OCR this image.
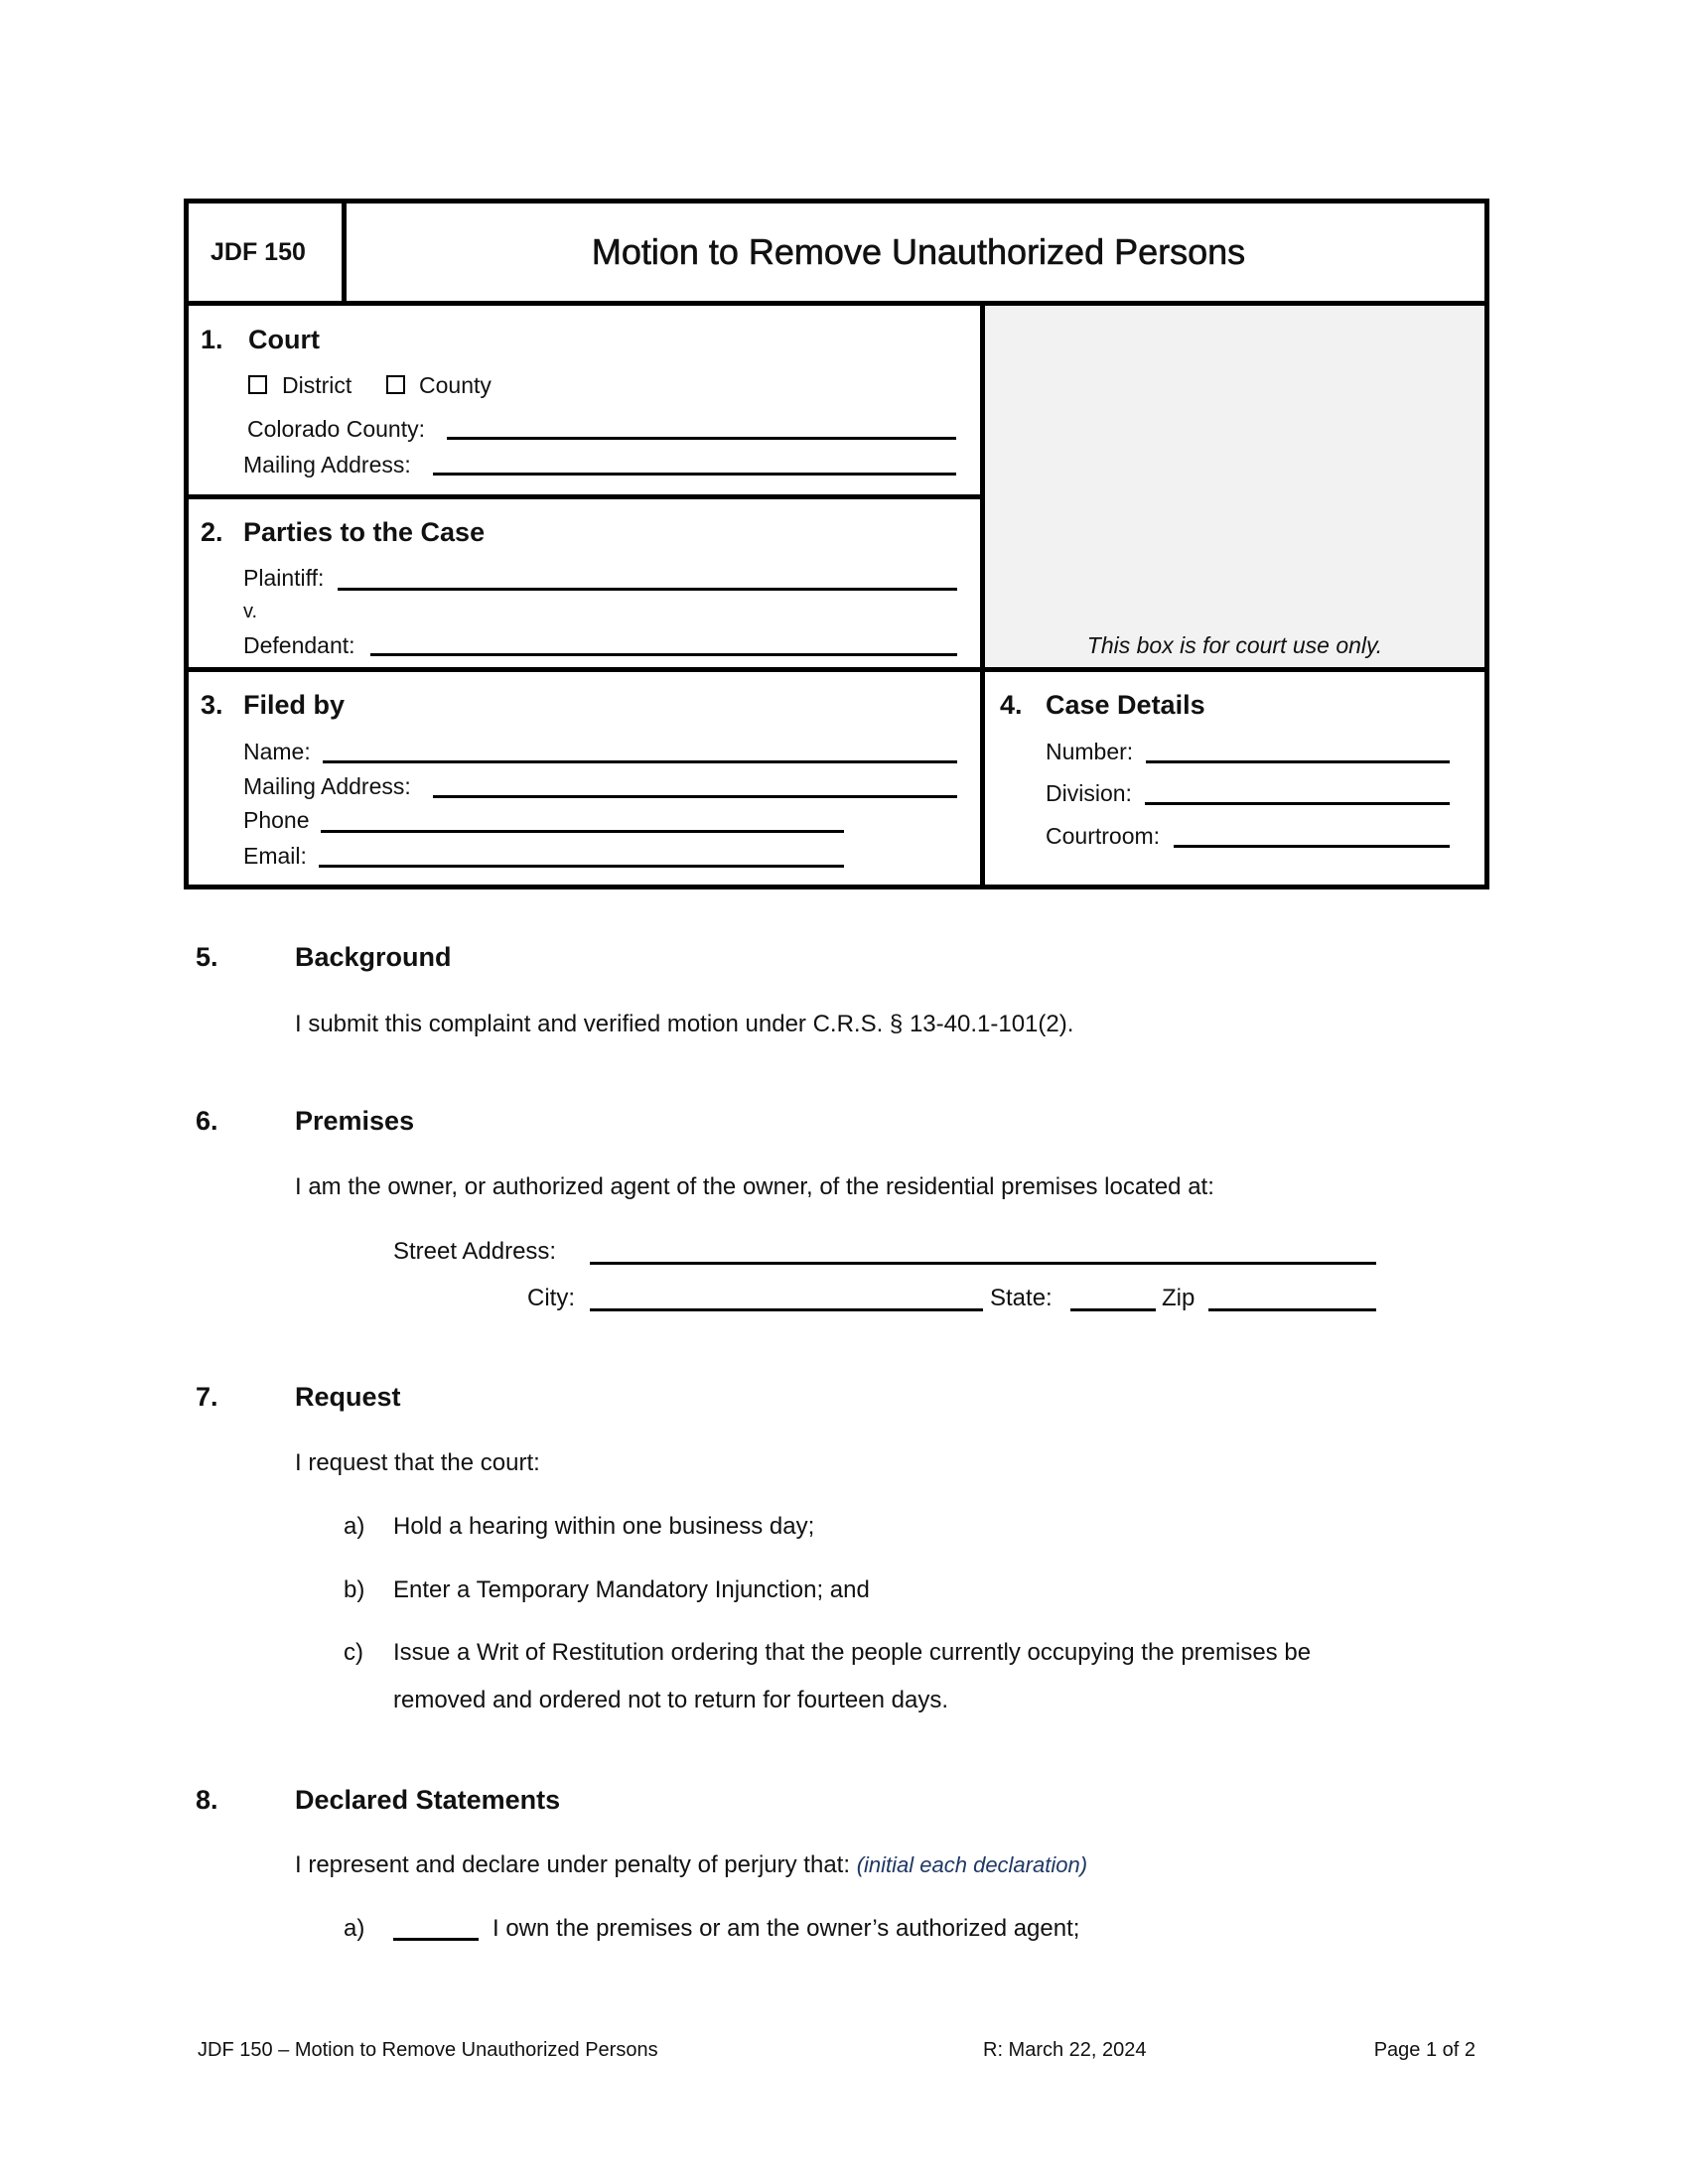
JDF 150	Motion to Remove Unauthorized Persons
1. Court
District	County
Colorado County:
Mailing Address:
2. Parties to the Case
Plaintiff:
v.
Defendant:	This box is for court use only.
3. Filed by
Name:
Mailing Address:
Phone
Email:
4. Case Details
Number:
Division:
Courtroom:
5.	Background
I submit this complaint and verified motion under C.R.S. § 13-40.1-101(2).
6.	Premises
I am the owner, or authorized agent of the owner, of the residential premises located at:
Street Address:
City:	State:	Zip
7.	Request
I request that the court:
a) Hold a hearing within one business day;
b) Enter a Temporary Mandatory Injunction; and
c) Issue a Writ of Restitution ordering that the people currently occupying the premises be
removed and ordered not to return for fourteen days.
8.	Declared Statements
I represent and declare under penalty of perjury that: (initial each declaration)
a)	I own the premises or am the owner’s authorized agent;
JDF 150 – Motion to Remove Unauthorized Persons	R: March 22, 2024	Page 1 of 2
